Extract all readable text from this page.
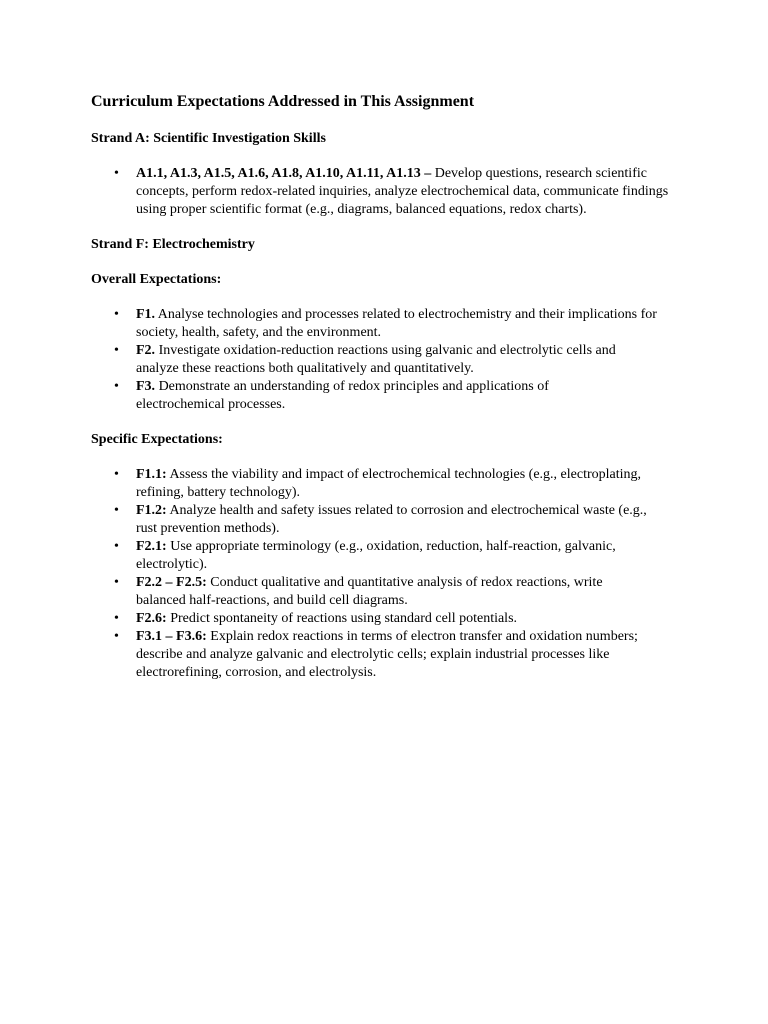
Curriculum Expectations Addressed in This Assignment
Strand A: Scientific Investigation Skills
• A1.1, A1.3, A1.5, A1.6, A1.8, A1.10, A1.11, A1.13 – Develop questions, research scientific concepts, perform redox-related inquiries, analyze electrochemical data, communicate findings using proper scientific format (e.g., diagrams, balanced equations, redox charts).
Strand F: Electrochemistry
Overall Expectations:
• F1. Analyse technologies and processes related to electrochemistry and their implications for society, health, safety, and the environment.
• F2. Investigate oxidation-reduction reactions using galvanic and electrolytic cells and analyze these reactions both qualitatively and quantitatively.
• F3. Demonstrate an understanding of redox principles and applications of electrochemical processes.
Specific Expectations:
• F1.1: Assess the viability and impact of electrochemical technologies (e.g., electroplating, refining, battery technology).
• F1.2: Analyze health and safety issues related to corrosion and electrochemical waste (e.g., rust prevention methods).
• F2.1: Use appropriate terminology (e.g., oxidation, reduction, half-reaction, galvanic, electrolytic).
• F2.2 – F2.5: Conduct qualitative and quantitative analysis of redox reactions, write balanced half-reactions, and build cell diagrams.
• F2.6: Predict spontaneity of reactions using standard cell potentials.
• F3.1 – F3.6: Explain redox reactions in terms of electron transfer and oxidation numbers; describe and analyze galvanic and electrolytic cells; explain industrial processes like electrorefining, corrosion, and electrolysis.
